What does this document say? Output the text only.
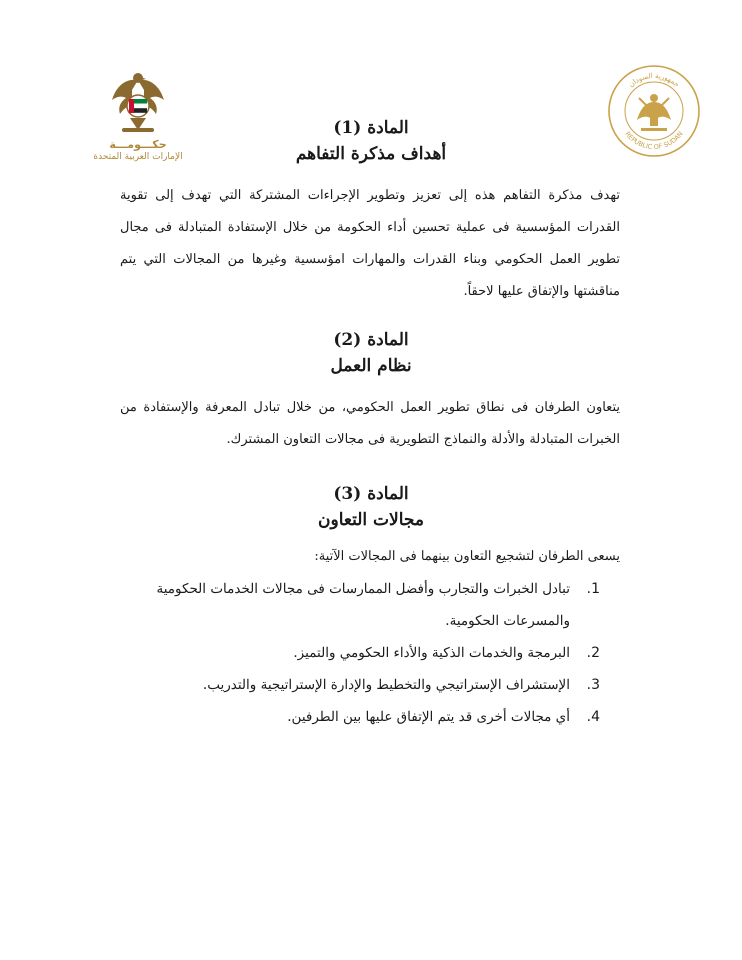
حكـــومـــة
الإمارات العربية المتحدة
جمهورية السودان
REPUBLIC OF SUDAN
المادة (1)
أهداف مذكرة التفاهم
تهدف مذكرة التفاهم هذه إلى تعزيز وتطوير الإجراءات المشتركة التي تهدف إلى تقوية القدرات المؤسسية فى عملية تحسين أداء الحكومة من خلال الإستفادة المتبادلة فى مجال تطوير العمل الحكومي وبناء القدرات والمهارات امؤسسية وغيرها من المجالات التي يتم مناقشتها والإتفاق عليها لاحقاً.
المادة (2)
نظام العمل
يتعاون الطرفان فى نطاق تطوير العمل الحكومي، من خلال تبادل المعرفة والإستفادة من الخبرات المتبادلة والأدلة والنماذج التطويرية فى مجالات التعاون المشترك.
المادة (3)
مجالات التعاون
يسعى الطرفان لتشجيع التعاون بينهما فى المجالات الآتية:
1.
تبادل الخبرات والتجارب وأفضل الممارسات فى مجالات الخدمات الحكومية والمسرعات الحكومية.
2.
البرمجة والخدمات الذكية والأداء الحكومي والتميز.
3.
الإستشراف الإستراتيجي والتخطيط والإدارة الإستراتيجية والتدريب.
4.
أي مجالات أخرى قد يتم الإتفاق عليها بين الطرفين.
